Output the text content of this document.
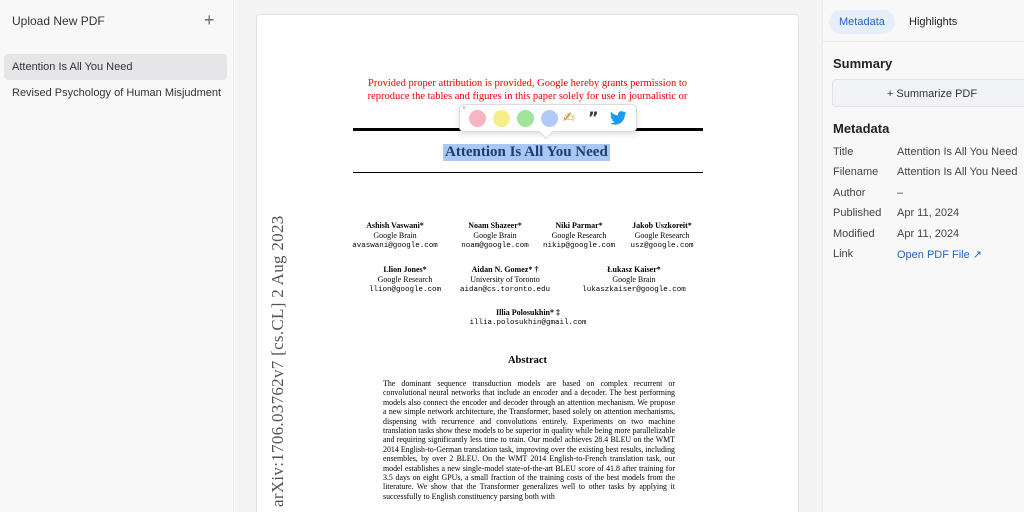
Upload New PDF	+
Attention Is All You Need
Revised Psychology of Human Misjudment
Provided proper attribution is provided, Google hereby grants permission to
reproduce the tables and figures in this paper solely for use in journalistic or
Attention Is All You Need
arXiv:1706.03762v7 [cs.CL] 2 Aug 2023	Ashish Vaswani*
Google Brain
avaswani@google.com
Noam Shazeer*
Google Brain
noam@google.com
Niki Parmar*
Google Research
nikip@google.com
Jakob Uszkoreit*
Google Research
usz@google.com
Llion Jones*
Google Research
llion@google.com
Aidan N. Gomez* †
University of Toronto
aidan@cs.toronto.edu
Łukasz Kaiser*
Google Brain
lukaszkaiser@google.com
Illia Polosukhin* ‡
illia.polosukhin@gmail.com
Abstract
The dominant sequence transduction models are based on complex recurrent or convolutional neural networks that include an encoder and a decoder. The best performing models also connect the encoder and decoder through an attention mechanism. We propose a new simple network architecture, the Transformer, based solely on attention mechanisms, dispensing with recurrence and convolutions entirely. Experiments on two machine translation tasks show these models to be superior in quality while being more parallelizable and requiring significantly less time to train. Our model achieves 28.4 BLEU on the WMT 2014 English-to-German translation task, improving over the existing best results, including ensembles, by over 2 BLEU. On the WMT 2014 English-to-French translation task, our model establishes a new single-model state-of-the-art BLEU score of 41.8 after training for 3.5 days on eight GPUs, a small fraction of the training costs of the best models from the literature. We show that the Transformer generalizes well to other tasks by applying it successfully to English constituency parsing both with
×
✍ ”
Metadata	Highlights
Summary
+ Summarize PDF
Metadata
Title	Attention Is All You Need
Filename	Attention Is All You Need
Author	–
Published	Apr 11, 2024
Modified	Apr 11, 2024
Link	Open PDF File ↗
